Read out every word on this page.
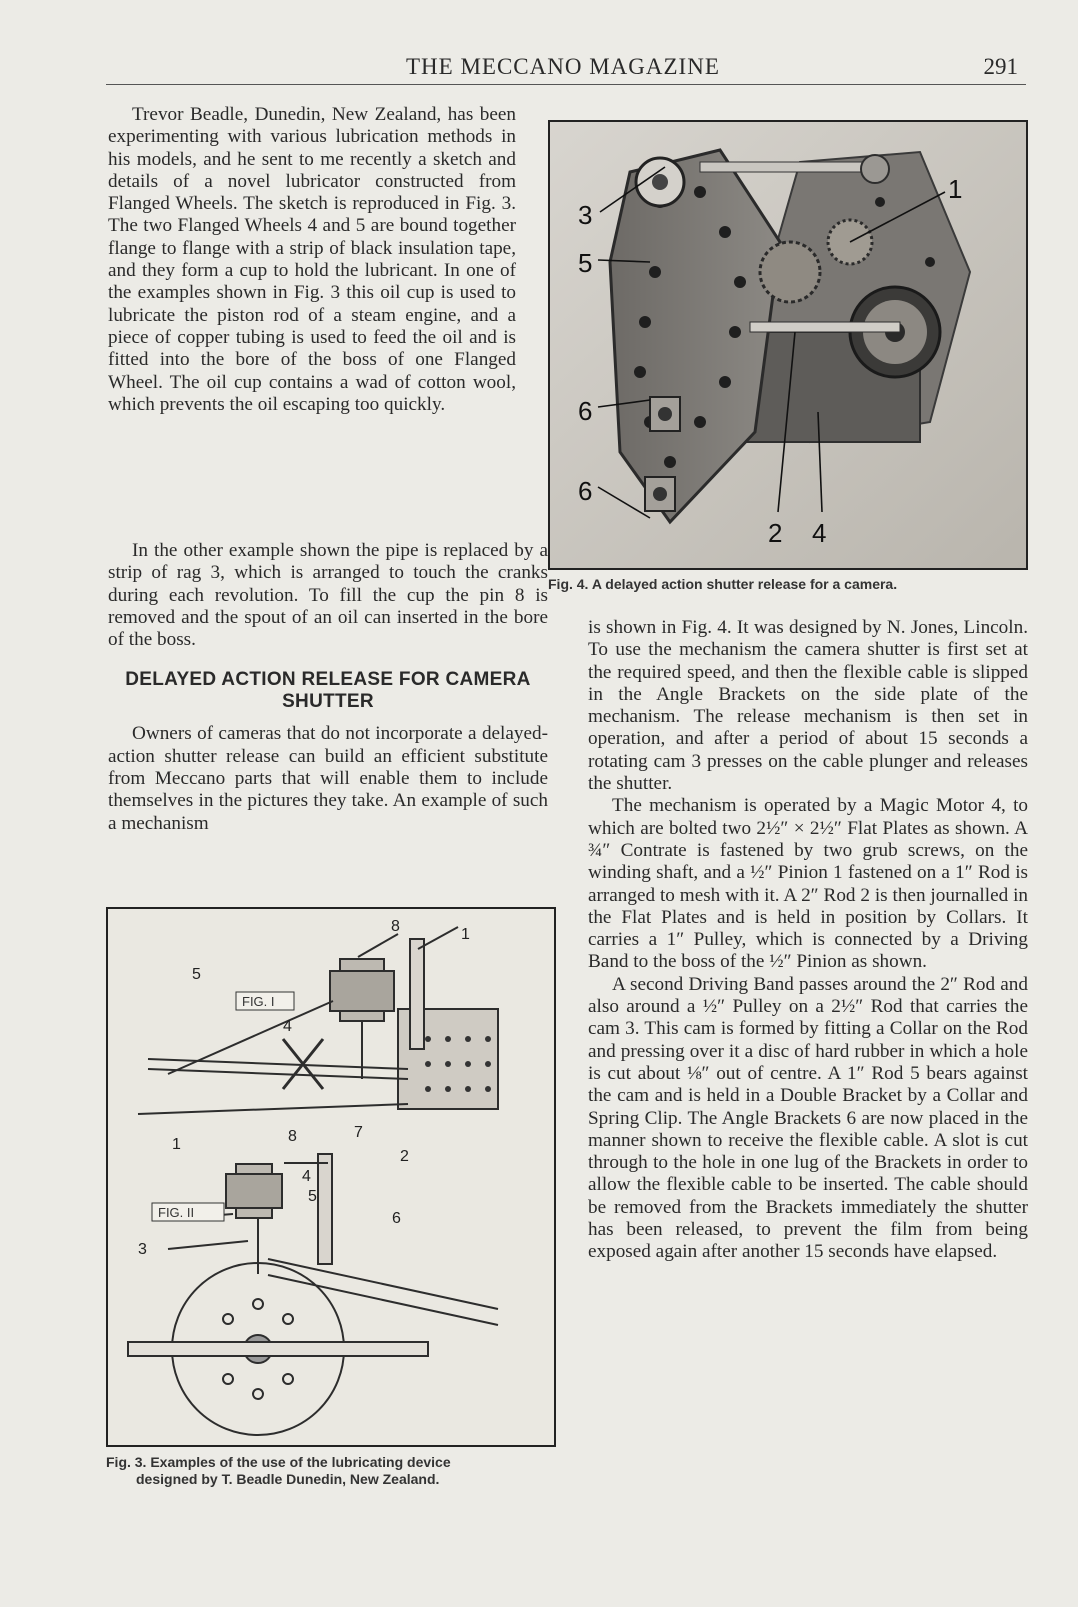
THE MECCANO MAGAZINE	291

Trevor Beadle, Dunedin, New Zealand, has been experimenting with various lubrication methods in his models, and he sent to me recently a sketch and details of a novel lubricator constructed from Flanged Wheels. The sketch is reproduced in Fig. 3. The two Flanged Wheels 4 and 5 are bound together flange to flange with a strip of black insulation tape, and they form a cup to hold the lubricant. In one of the examples shown in Fig. 3 this oil cup is used to lubricate the piston rod of a steam engine, and a piece of copper tubing is used to feed the oil and is fitted into the bore of the boss of one Flanged Wheel. The oil cup contains a wad of cotton wool, which prevents the oil escaping too quickly.

In the other example shown the pipe is replaced by a strip of rag 3, which is arranged to touch the cranks during each revolution. To fill the cup the pin 8 is removed and the spout of an oil can inserted in the bore of the boss.

DELAYED ACTION RELEASE FOR CAMERA SHUTTER

Owners of cameras that do not incorporate a delayed-action shutter release can build an efficient substitute from Meccano parts that will enable them to include themselves in the pictures they take. An example of such a mechanism

3
5
6
6
1
2 4
Fig. 4. A delayed action shutter release for a camera.

is shown in Fig. 4. It was designed by N. Jones, Lincoln. To use the mechanism the camera shutter is first set at the required speed, and then the flexible cable is slipped in the Angle Brackets on the side plate of the mechanism. The release mechanism is then set in operation, and after a period of about 15 seconds a rotating cam 3 presses on the cable plunger and releases the shutter.

The mechanism is operated by a Magic Motor 4, to which are bolted two 2½″ × 2½″ Flat Plates as shown. A ¾″ Contrate is fastened by two grub screws, on the winding shaft, and a ½″ Pinion 1 fastened on a 1″ Rod is arranged to mesh with it. A 2″ Rod 2 is then journalled in the Flat Plates and is held in position by Collars. It carries a 1″ Pulley, which is connected by a Driving Band to the boss of the ½″ Pinion as shown.

A second Driving Band passes around the 2″ Rod and also around a ½″ Pulley on a 2½″ Rod that carries the cam 3. This cam is formed by fitting a Collar on the Rod and pressing over it a disc of hard rubber in which a hole is cut about ⅛″ out of centre. A 1″ Rod 5 bears against the cam and is held in a Double Bracket by a Collar and Spring Clip. The Angle Brackets 6 are now placed in the manner shown to receive the flexible cable. A slot is cut through to the hole in one lug of the Brackets in order to allow the flexible cable to be inserted. The cable should be removed from the Brackets immediately the shutter has been released, to prevent the film from being exposed again after another 15 seconds have elapsed.

FIG. I
FIG. II
8	1
5
4
7
2
1	8
4
5
6
3
Fig. 3. Examples of the use of the lubricating device
designed by T. Beadle Dunedin, New Zealand.
